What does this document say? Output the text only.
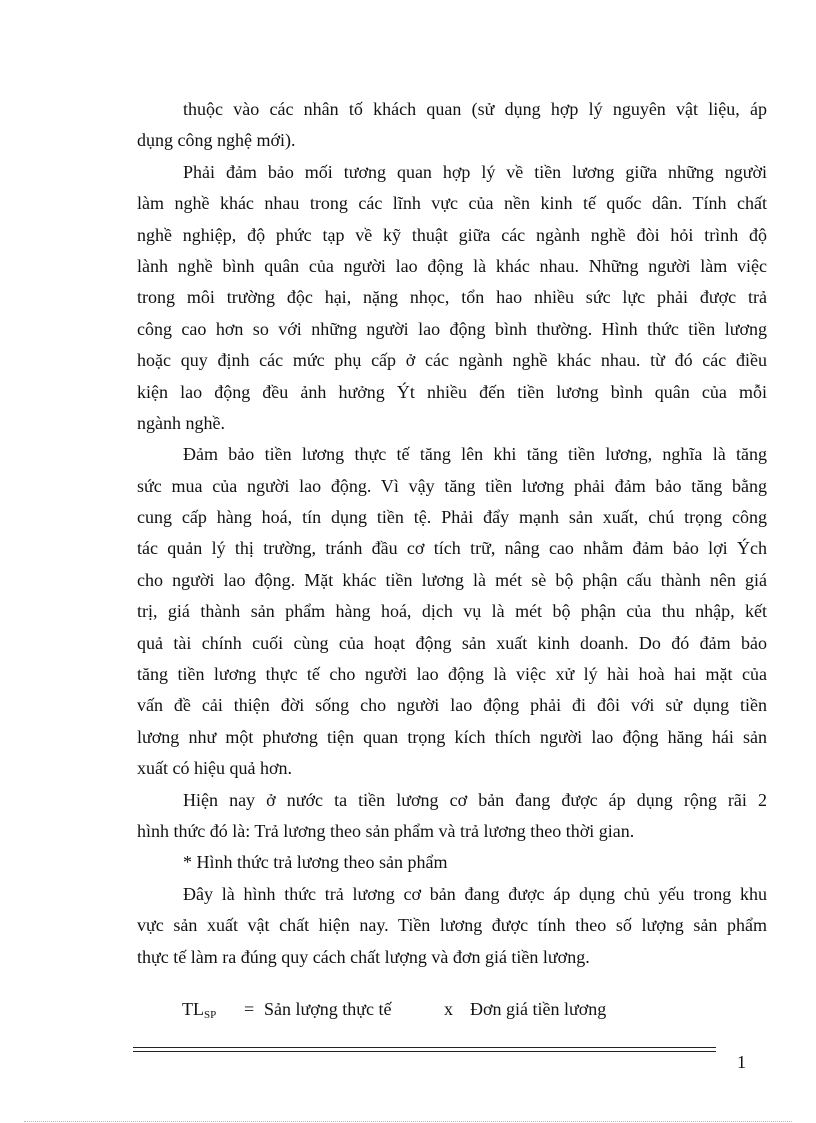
thuộc vào các nhân tố khách quan (sử dụng hợp lý nguyên vật liệu, áp
dụng công nghệ mới).
Phải đảm bảo mối tương quan hợp lý về tiền lương giữa những người
làm nghề khác nhau trong các lĩnh vực của nền kinh tế quốc dân. Tính chất
nghề nghiệp, độ phức tạp về kỹ thuật giữa các ngành nghề đòi hỏi trình độ
lành nghề bình quân của người lao động là khác nhau. Những người làm việc
trong môi trường độc hại, nặng nhọc, tổn hao nhiều sức lực phải được trả
công cao hơn so với những người lao động bình thường. Hình thức tiền lương
hoặc quy định các mức phụ cấp ở các ngành nghề khác nhau. từ đó các điều
kiện lao động đều ảnh hưởng Ýt nhiều đến tiền lương bình quân của mỗi
ngành nghề.
Đảm bảo tiền lương thực tế tăng lên khi tăng tiền lương, nghĩa là tăng
sức mua của người lao động. Vì vậy tăng tiền lương phải đảm bảo tăng bằng
cung cấp hàng hoá, tín dụng tiền tệ. Phải đẩy mạnh sản xuất, chú trọng công
tác quản lý thị trường, tránh đầu cơ tích trữ, nâng cao nhằm đảm bảo lợi Ých
cho người lao động. Mặt khác tiền lương là mét sè bộ phận cấu thành nên giá
trị, giá thành sản phẩm hàng hoá, dịch vụ là mét bộ phận của thu nhập, kết
quả tài chính cuối cùng của hoạt động sản xuất kinh doanh. Do đó đảm bảo
tăng tiền lương thực tế cho người lao động là việc xử lý hài hoà hai mặt của
vấn đề cải thiện đời sống cho người lao động phải đi đôi với sử dụng tiền
lương như một phương tiện quan trọng kích thích người lao động hăng hái sản
xuất có hiệu quả hơn.
Hiện nay ở nước ta tiền lương cơ bản đang được áp dụng rộng rãi 2
hình thức đó là: Trả lương theo sản phẩm và trả lương theo thời gian.
* Hình thức trả lương theo sản phẩm
Đây là hình thức trả lương cơ bản đang được áp dụng chủ yếu trong khu
vực sản xuất vật chất hiện nay. Tiền lương được tính theo số lượng sản phẩm
thực tế làm ra đúng quy cách chất lượng và đơn giá tiền lương.
$TL_{SP}$ = Sản lượng thực tế	x Đơn giá tiền lương
1
